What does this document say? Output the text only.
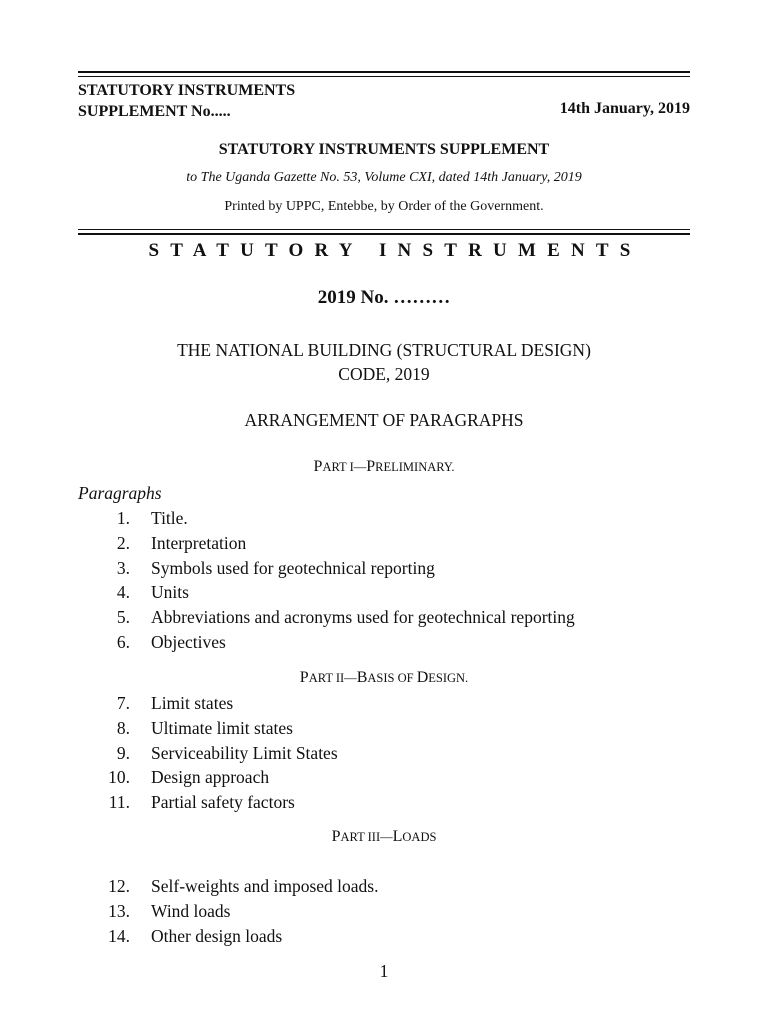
STATUTORY INSTRUMENTS

SUPPLEMENT No.....	14th January, 2019

STATUTORY INSTRUMENTS SUPPLEMENT

to The Uganda Gazette No. 53, Volume CXI, dated 14th January, 2019

Printed by UPPC, Entebbe, by Order of the Government.

STATUTORY INSTRUMENTS

2019 No. ………

THE NATIONAL BUILDING (STRUCTURAL DESIGN)
CODE, 2019

ARRANGEMENT OF PARAGRAPHS

PART I—PRELIMINARY.

Paragraphs

1. Title.
2. Interpretation
3. Symbols used for geotechnical reporting
4. Units
5. Abbreviations and acronyms used for geotechnical reporting
6. Objectives

PART II—BASIS OF DESIGN.

7. Limit states
8. Ultimate limit states
9. Serviceability Limit States
10. Design approach
11. Partial safety factors

PART III—LOADS

12. Self-weights and imposed loads.
13. Wind loads
14. Other design loads

1
